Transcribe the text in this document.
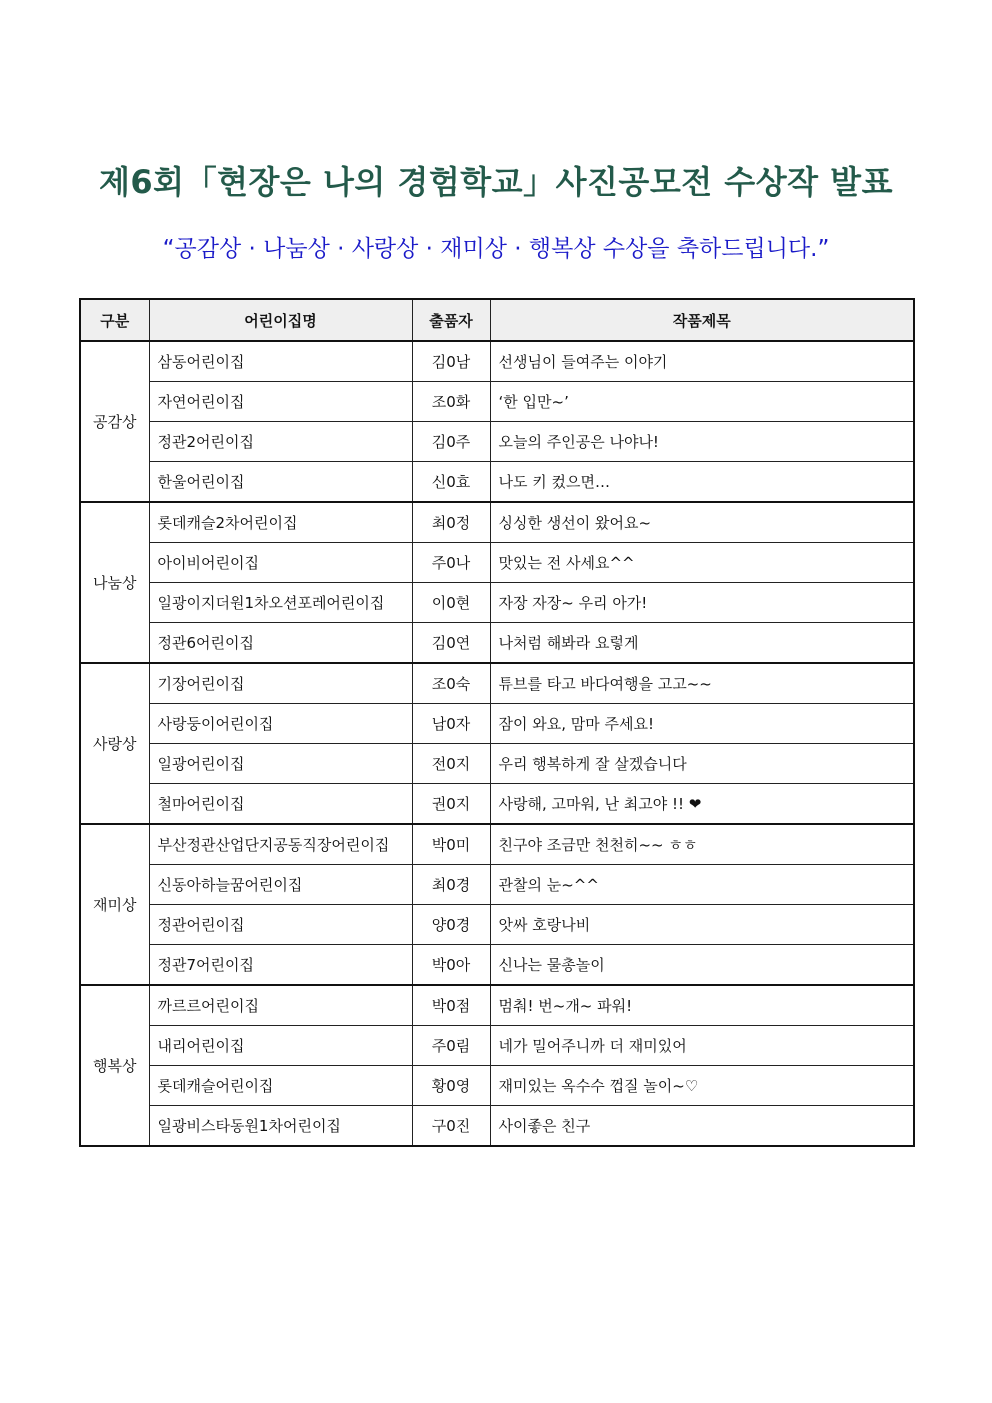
제6회「현장은 나의 경험학교」사진공모전 수상작 발표
“공감상 · 나눔상 · 사랑상 · 재미상 · 행복상 수상을 축하드립니다.”
구분	어린이집명	출품자	작품제목
공감상	삼동어린이집	김0남	선생님이 들여주는 이야기
	자연어린이집	조0화	‘한 입만~’
	정관2어린이집	김0주	오늘의 주인공은 나야나!
	한울어린이집	신0효	나도 키 컸으면…
나눔상	롯데캐슬2차어린이집	최0정	싱싱한 생선이 왔어요~
	아이비어린이집	주0나	맛있는 전 사세요^^
	일광이지더원1차오션포레어린이집	이0현	자장 자장~ 우리 아가!
	정관6어린이집	김0연	나처럼 해봐라 요렇게
사랑상	기장어린이집	조0숙	튜브를 타고 바다여행을 고고~~
	사랑둥이어린이집	남0자	잠이 와요, 맘마 주세요!
	일광어린이집	전0지	우리 행복하게 잘 살겠습니다
	철마어린이집	권0지	사랑해, 고마워, 난 최고야 !! ❤
재미상	부산정관산업단지공동직장어린이집	박0미	친구야 조금만 천천히~~ ㅎㅎ
	신동아하늘꿈어린이집	최0경	관찰의 눈~^^
	정관어린이집	양0경	앗싸 호랑나비
	정관7어린이집	박0아	신나는 물총놀이
행복상	까르르어린이집	박0점	멈춰! 번~개~ 파워!
	내리어린이집	주0림	네가 밀어주니까 더 재미있어
	롯데캐슬어린이집	황0영	재미있는 옥수수 껍질 놀이~♡
	일광비스타동원1차어린이집	구0진	사이좋은 친구
